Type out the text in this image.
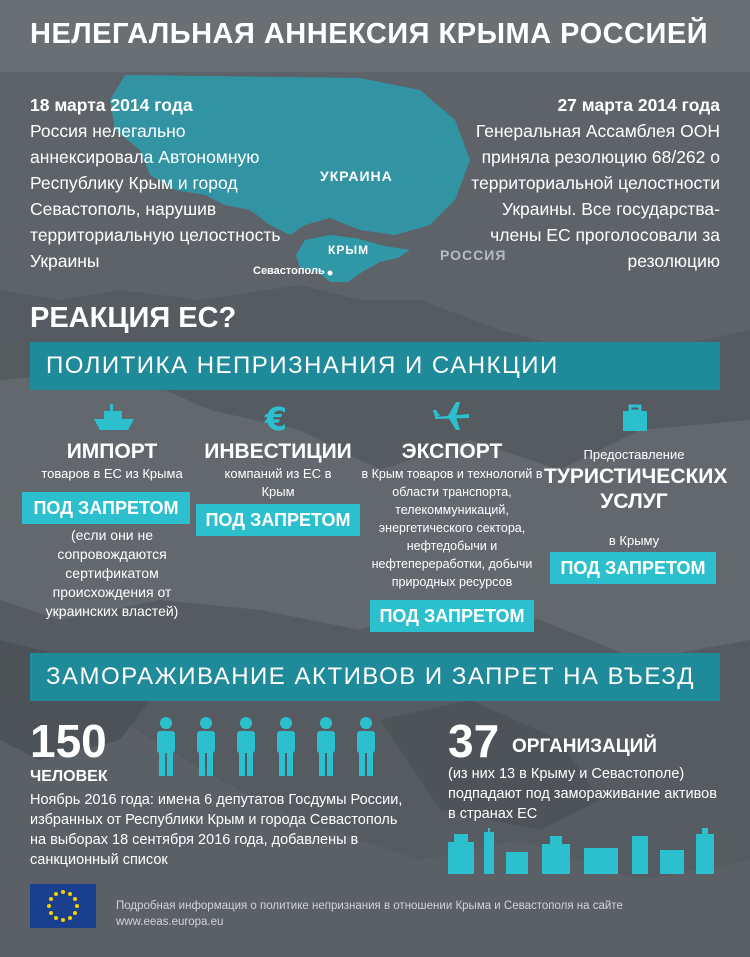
НЕЛЕГАЛЬНАЯ АННЕКСИЯ КРЫМА РОССИЕЙ
18 марта 2014 года
Россия нелегально аннексировала Автономную Республику Крым и город Севастополь, нарушив территориальную целостность Украины
27 марта 2014 года
Генеральная Ассамблея ООН приняла резолюцию 68/262 о территориальной целостности Украины. Все государства-члены ЕС проголосовали за резолюцию
УКРАИНА
КРЫМ	РОССИЯ
Севастополь
РЕАКЦИЯ ЕС?
ПОЛИТИКА НЕПРИЗНАНИЯ И САНКЦИИ
ИМПОРТ
товаров в ЕС из Крыма
ПОД ЗАПРЕТОМ
(если они не сопровождаются сертификатом происхождения от украинских властей)
€
ИНВЕСТИЦИИ
компаний из ЕС в Крым
ПОД ЗАПРЕТОМ
ЭКСПОРТ
в Крым товаров и технологий в области транспорта, телекоммуникаций, энергетического сектора, нефтедобычи и нефтепереработки, добычи природных ресурсов
ПОД ЗАПРЕТОМ
Предоставление
ТУРИСТИЧЕСКИХ УСЛУГ
в Крыму
ПОД ЗАПРЕТОМ
ЗАМОРАЖИВАНИЕ АКТИВОВ И ЗАПРЕТ НА ВЪЕЗД
150
ЧЕЛОВЕК
Ноябрь 2016 года: имена 6 депутатов Госдумы России, избранных от Республики Крым и города Севастополь на выборах 18 сентября 2016 года, добавлены в санкционный список
37 ОРГАНИЗАЦИЙ
(из них 13 в Крыму и Севастополе) подпадают под замораживание активов в странах ЕС
Подробная информация о политике непризнания в отношении Крыма и Севастополя на сайте
www.eeas.europa.eu
